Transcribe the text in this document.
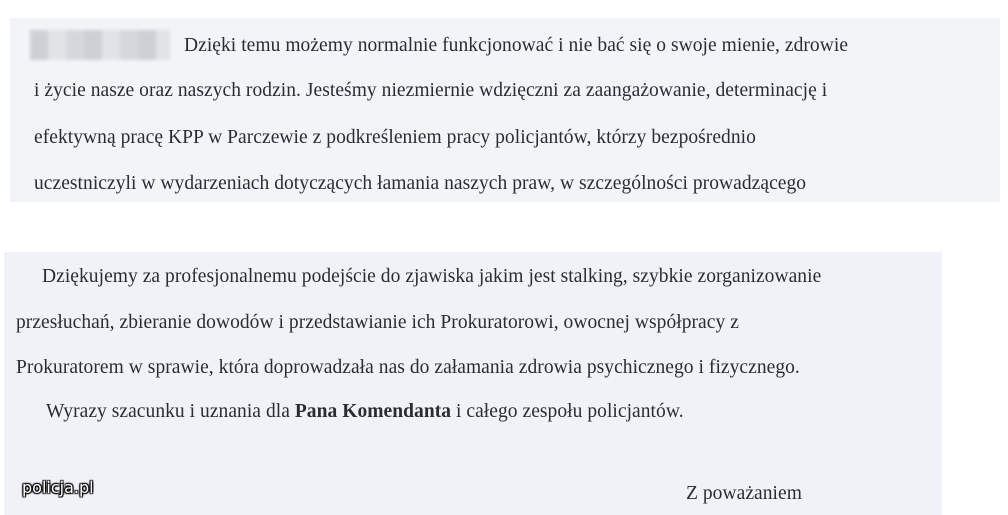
Dzięki temu możemy normalnie funkcjonować i nie bać się o swoje mienie, zdrowie
i życie nasze oraz naszych rodzin. Jesteśmy niezmiernie wdzięczni za zaangażowanie, determinację i
efektywną pracę KPP w Parczewie z podkreśleniem pracy policjantów, którzy bezpośrednio
uczestniczyli w wydarzeniach dotyczących łamania naszych praw, w szczególności prowadzącego
Dziękujemy za profesjonalnemu podejście do zjawiska jakim jest stalking, szybkie zorganizowanie
przesłuchań, zbieranie dowodów i przedstawianie ich Prokuratorowi, owocnej współpracy z
Prokuratorem w sprawie, która doprowadzała nas do załamania zdrowia psychicznego i fizycznego.
Wyrazy szacunku i uznania dla Pana Komendanta i całego zespołu policjantów.
Z poważaniem
policja.pl
